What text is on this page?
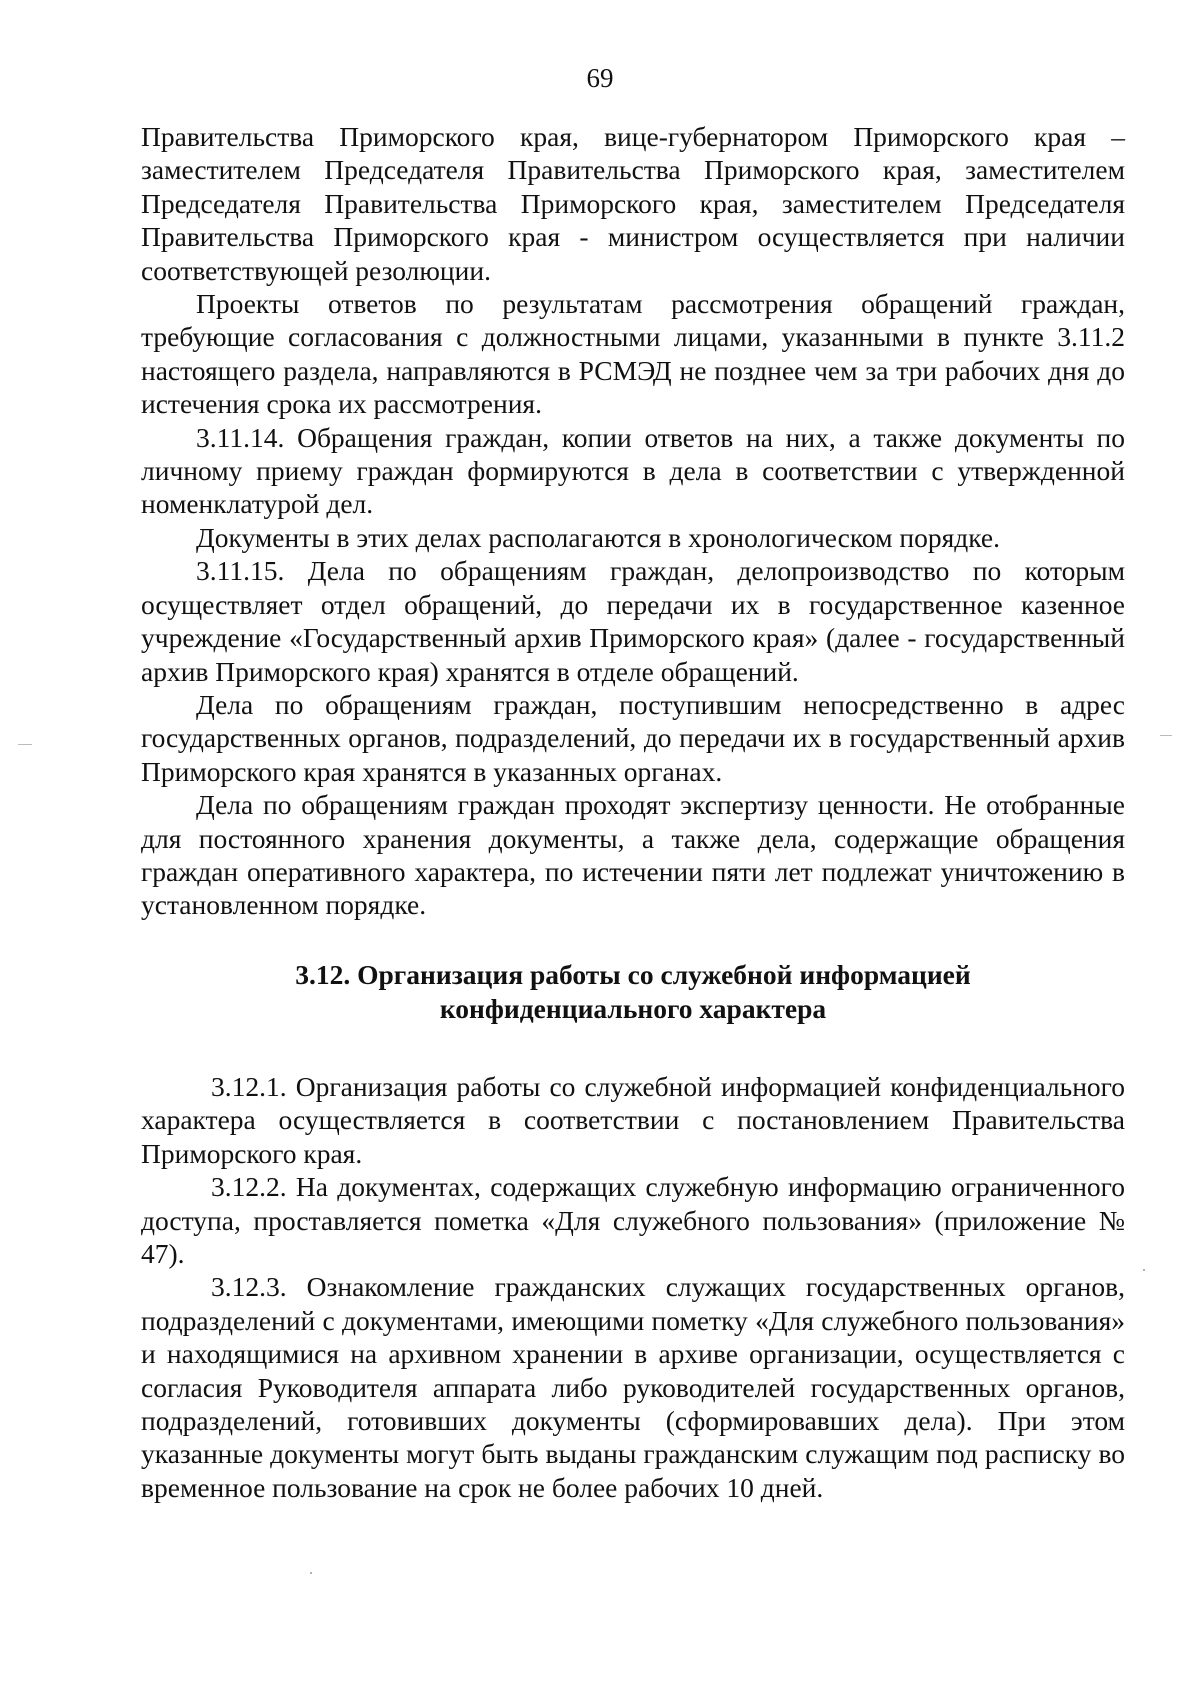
69

Правительства Приморского края, вице-губернатором Приморского края – заместителем Председателя Правительства Приморского края, заместителем Председателя Правительства Приморского края, заместителем Председателя Правительства Приморского края - министром осуществляется при наличии соответствующей резолюции.

Проекты ответов по результатам рассмотрения обращений граждан, требующие согласования с должностными лицами, указанными в пункте 3.11.2 настоящего раздела, направляются в РСМЭД не позднее чем за три рабочих дня до истечения срока их рассмотрения.

3.11.14. Обращения граждан, копии ответов на них, а также документы по личному приему граждан формируются в дела в соответствии с утвержденной номенклатурой дел.

Документы в этих делах располагаются в хронологическом порядке.

3.11.15. Дела по обращениям граждан, делопроизводство по которым осуществляет отдел обращений, до передачи их в государственное казенное учреждение «Государственный архив Приморского края» (далее - государственный архив Приморского края) хранятся в отделе обращений.

Дела по обращениям граждан, поступившим непосредственно в адрес государственных органов, подразделений, до передачи их в государственный архив Приморского края хранятся в указанных органах.

Дела по обращениям граждан проходят экспертизу ценности. Не отобранные для постоянного хранения документы, а также дела, содержащие обращения граждан оперативного характера, по истечении пяти лет подлежат уничтожению в установленном порядке.

3.12. Организация работы со служебной информацией
конфиденциального характера

3.12.1. Организация работы со служебной информацией конфиденциального характера осуществляется в соответствии с постановлением Правительства Приморского края.

3.12.2. На документах, содержащих служебную информацию ограниченного доступа, проставляется пометка «Для служебного пользования» (приложение № 47).

3.12.3. Ознакомление гражданских служащих государственных органов, подразделений с документами, имеющими пометку «Для служебного пользования» и находящимися на архивном хранении в архиве организации, осуществляется с согласия Руководителя аппарата либо руководителей государственных органов, подразделений, готовивших документы (сформировавших дела). При этом указанные документы могут быть выданы гражданским служащим под расписку во временное пользование на срок не более рабочих 10 дней.
